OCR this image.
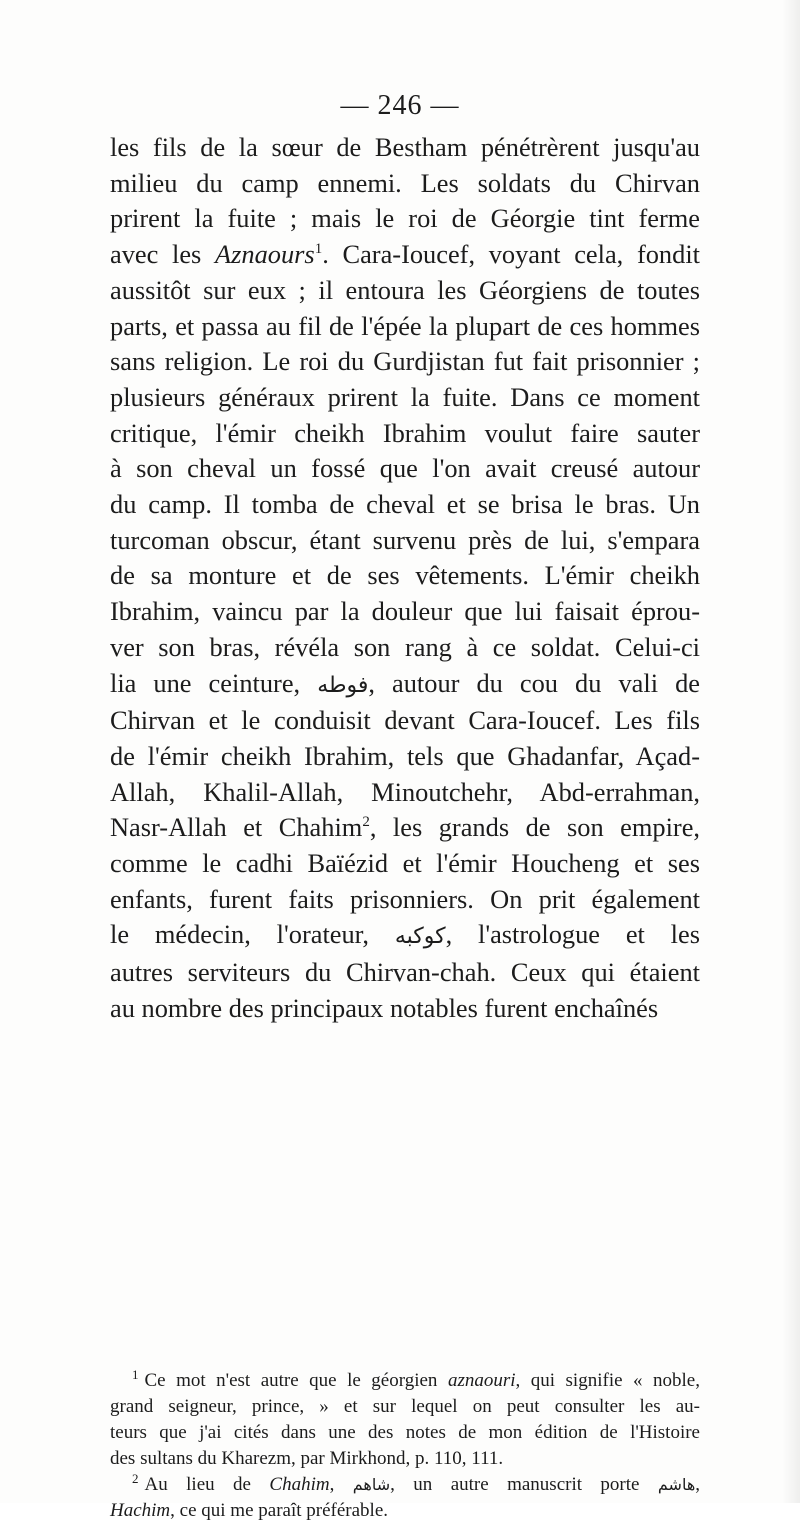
— 246 —
les fils de la sœur de Bestham pénétrèrent jusqu'au
milieu du camp ennemi. Les soldats du Chirvan
prirent la fuite ; mais le roi de Géorgie tint ferme
avec les Aznaours$^1$. Cara-Ioucef, voyant cela, fondit
aussitôt sur eux ; il entoura les Géorgiens de toutes
parts, et passa au fil de l'épée la plupart de ces hommes
sans religion. Le roi du Gurdjistan fut fait prisonnier ;
plusieurs généraux prirent la fuite. Dans ce moment
critique, l'émir cheikh Ibrahim voulut faire sauter
à son cheval un fossé que l'on avait creusé autour
du camp. Il tomba de cheval et se brisa le bras. Un
turcoman obscur, étant survenu près de lui, s'empara
de sa monture et de ses vêtements. L'émir cheikh
Ibrahim, vaincu par la douleur que lui faisait éprou-
ver son bras, révéla son rang à ce soldat. Celui-ci
lia une ceinture, فوطه, autour du cou du vali de
Chirvan et le conduisit devant Cara-Ioucef. Les fils
de l'émir cheikh Ibrahim, tels que Ghadanfar, Açad-
Allah, Khalil-Allah, Minoutchehr, Abd-errahman,
Nasr-Allah et Chahim$^2$, les grands de son empire,
comme le cadhi Baïézid et l'émir Houcheng et ses
enfants, furent faits prisonniers. On prit également
le médecin, l'orateur, كوكبه, l'astrologue et les
autres serviteurs du Chirvan-chah. Ceux qui étaient
au nombre des principaux notables furent enchaînés
$^1$ Ce mot n'est autre que le géorgien aznaouri, qui signifie « noble,
grand seigneur, prince, » et sur lequel on peut consulter les au-
teurs que j'ai cités dans une des notes de mon édition de l'Histoire
des sultans du Kharezm, par Mirkhond, p. 110, 111.
$^2$ Au lieu de Chahim, شاهم, un autre manuscrit porte هاشم,
Hachim, ce qui me paraît préférable.
